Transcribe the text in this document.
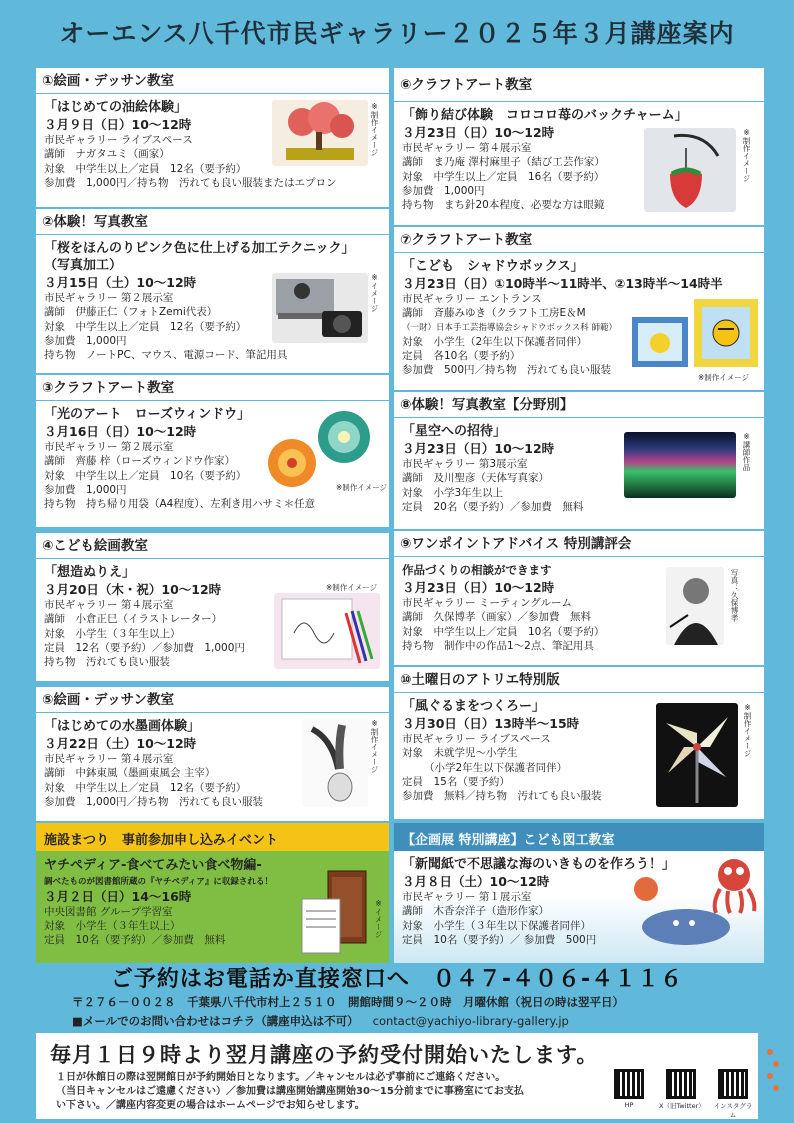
オーエンス八千代市民ギャラリー２０２５年３月講座案内
①絵画・デッサン教室
「はじめての油絵体験」
３月９日（日）10～12時
市民ギャラリー ライブスペース
講師　ナガタユミ（画家）
対象　中学生以上／定員　12名（要予約）
参加費　1,000円／持ち物　汚れても良い服装またはエプロン
※制作イメージ
②体験！写真教室
「桜をほんのりピンク色に仕上げる加工テクニック」
（写真加工）
３月15日（土）10～12時
市民ギャラリー 第２展示室
講師　伊藤正仁（フォトZemi代表）
対象　中学生以上／定員　12名（要予約）
参加費　1,000円
持ち物　ノートPC、マウス、電源コード、筆記用具
※イメージ
③クラフトアート教室
「光のアート　ローズウィンドウ」
３月16日（日）10～12時
市民ギャラリー 第２展示室
講師　齊藤 梓（ローズウィンドウ作家）
対象　中学生以上／定員　10名（要予約）
参加費　1,000円
持ち物　持ち帰り用袋（A4程度）、左利き用ハサミ＊任意
※制作イメージ
④こども絵画教室
「想造ぬりえ」
３月20日（木・祝）10～12時
市民ギャラリー 第４展示室
講師　小倉正巳（イラストレーター）
対象　小学生（３年生以上）
定員　12名（要予約）／参加費　1,000円
持ち物　汚れても良い服装
※制作イメージ
⑤絵画・デッサン教室
「はじめての水墨画体験」
３月22日（土）10～12時
市民ギャラリー 第４展示室
講師　中鉢東風（墨画東風会 主宰）
対象　中学生以上／定員　12名（要予約）
参加費　1,000円／持ち物　汚れても良い服装
※制作イメージ
施設まつり　事前参加申し込みイベント
ヤチペディア-食べてみたい食べ物編-
調べたものが図書館所蔵の『ヤチペディア』に収録される！
３月２日（日）14～16時
中央図書館 グループ学習室
対象　小学生（３年生以上）
定員　10名（要予約）／参加費　無料
※イメージ
⑥クラフトアート教室
「飾り結び体験　コロコロ苺のバックチャーム」
３月23日（日）10～12時
市民ギャラリー 第４展示室
講師　ま乃庵 澤村麻里子（結び工芸作家）
対象　中学生以上／定員　16名（要予約）
参加費　1,000円
持ち物　まち針20本程度、必要な方は眼鏡
※制作イメージ
⑦クラフトアート教室
「こども　シャドウボックス」
３月23日（日）①10時半～11時半、②13時半～14時半
市民ギャラリー エントランス
講師　斉藤みゆき（クラフト工房E＆M
（一財）日本手工芸指導協会シャドウボックス科 師範）
対象　小学生（2年生以下保護者同伴）
定員　各10名（要予約）
参加費　500円／持ち物　汚れても良い服装
※制作イメージ
⑧体験！写真教室【分野別】
「星空への招待」
３月23日（日）10～12時
市民ギャラリー 第3展示室
講師　及川聖彦（天体写真家）
対象　小学3年生以上
定員　20名（要予約）／参加費　無料
※講師作品
⑨ワンポイントアドバイス 特別講評会
作品づくりの相談ができます
３月23日（日）10～12時
市民ギャラリー ミーティングルーム
講師　久保博孝（画家）／参加費　無料
対象　中学生以上／定員　10名（要予約）
持ち物　制作中の作品1～2点、筆記用具
写真：久保博孝
⑩土曜日のアトリエ特別版
「風ぐるまをつくろー」
３月30日（日）13時半～15時
市民ギャラリー ライブスペース
対象　未就学児～小学生
（小学2年生以下保護者同伴）
定員　15名（要予約）
参加費　無料／持ち物　汚れても良い服装
※制作イメージ
【企画展 特別講座】こども図工教室
「新聞紙で不思議な海のいきものを作ろう！」
３月８日（土）10～12時
市民ギャラリー 第１展示室
講師　木香奈洋子（造形作家）
対象　小学生（３年生以下保護者同伴）
定員　10名（要予約）／ 参加費　500円
ご予約はお電話か直接窓口へ　０４７-４０６-４１１６
〒２７６－００２８　千葉県八千代市村上２５１０　開館時間９～２０時　月曜休館（祝日の時は翌平日）
■メールでのお問い合わせはコチラ（講座申込は不可） contact@yachiyo-library-gallery.jp
毎月１日９時より翌月講座の予約受付開始いたします。
１日が休館日の際は翌開館日が予約開始日となります。／キャンセルは必ず事前にご連絡ください。
（当日キャンセルはご遠慮ください）／参加費は講座開始講座開始30～15分前までに事務室にてお支払
い下さい。／講座内容変更の場合はホームページでお知らせします。	HP	X（旧Twitter）	インスタグラム
